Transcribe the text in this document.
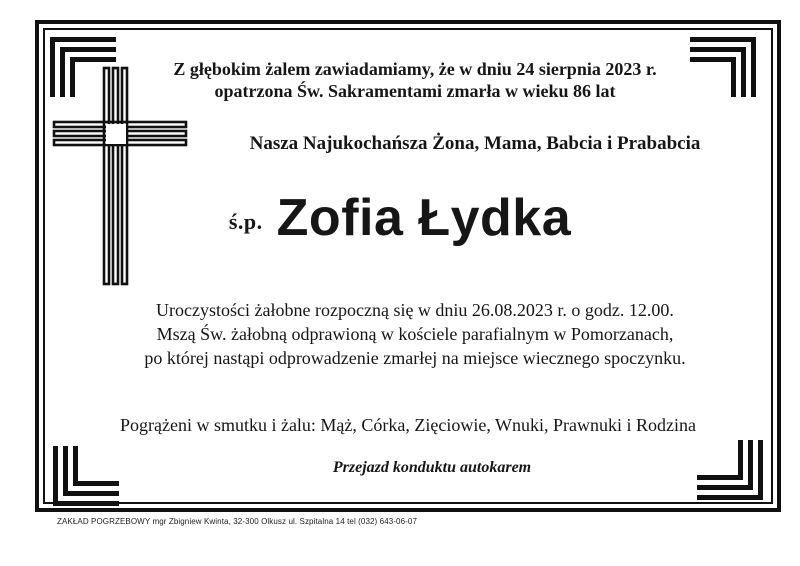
Z głębokim żalem zawiadamiamy, że w dniu 24 sierpnia 2023 r.
opatrzona Św. Sakramentami zmarła w wieku 86 lat
Nasza Najukochańsza Żona, Mama, Babcia i Prababcia
ś.p. Zofia Łydka
Uroczystości żałobne rozpoczną się w dniu 26.08.2023 r. o godz. 12.00.
Mszą Św. żałobną odprawioną w kościele parafialnym w Pomorzanach,
po której nastąpi odprowadzenie zmarłej na miejsce wiecznego spoczynku.
Pogrążeni w smutku i żalu: Mąż, Córka, Zięciowie, Wnuki, Prawnuki i Rodzina
Przejazd konduktu autokarem
ZAKŁAD POGRZEBOWY mgr Zbigniew Kwinta, 32-300 Olkusz ul. Szpitalna 14 tel (032) 643-06-07
